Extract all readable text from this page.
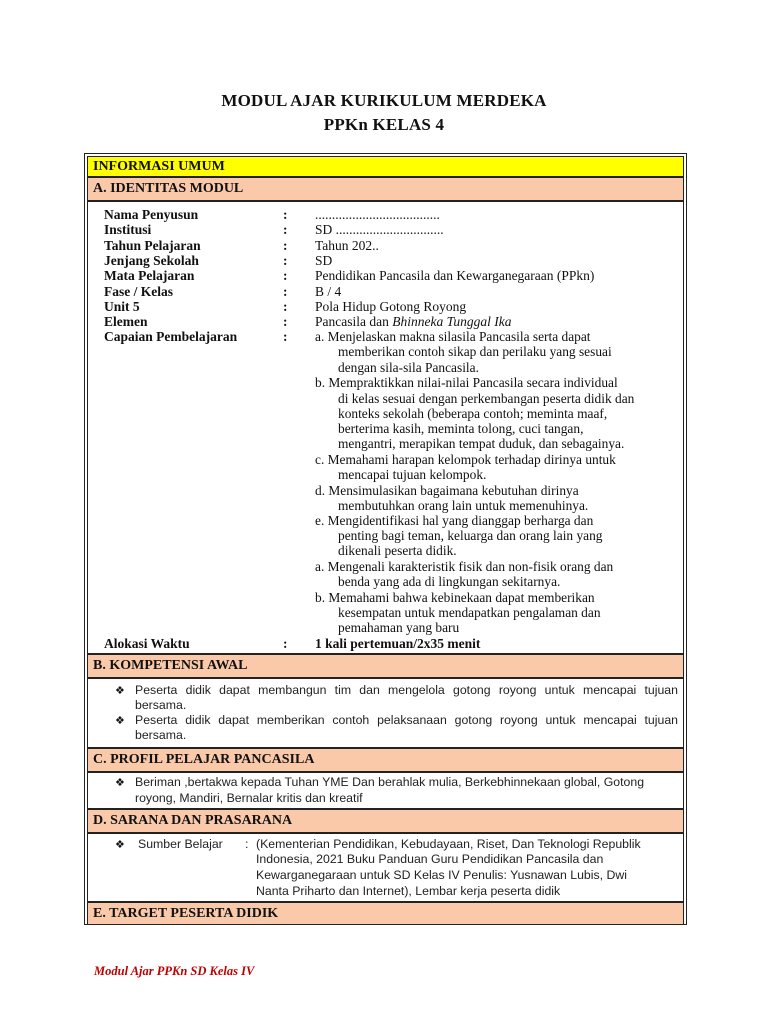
MODUL AJAR KURIKULUM MERDEKA
PPKn KELAS 4
INFORMASI UMUM
A. IDENTITAS MODUL
Nama Penyusun	: .....................................
Institusi	: SD ................................
Tahun Pelajaran	: Tahun 202..
Jenjang Sekolah	: SD
Mata Pelajaran	: Pendidikan Pancasila dan Kewarganegaraan (PPkn)
Fase / Kelas	: B / 4
Unit 5	: Pola Hidup Gotong Royong
Elemen	: Pancasila dan Bhinneka Tunggal Ika
Capaian Pembelajaran	: a. Menjelaskan makna silasila Pancasila serta dapat
memberikan contoh sikap dan perilaku yang sesuai
dengan sila-sila Pancasila.
b. Mempraktikkan nilai-nilai Pancasila secara individual
di kelas sesuai dengan perkembangan peserta didik dan
konteks sekolah (beberapa contoh; meminta maaf,
berterima kasih, meminta tolong, cuci tangan,
mengantri, merapikan tempat duduk, dan sebagainya.
c. Memahami harapan kelompok terhadap dirinya untuk
mencapai tujuan kelompok.
d. Mensimulasikan bagaimana kebutuhan dirinya
membutuhkan orang lain untuk memenuhinya.
e. Mengidentifikasi hal yang dianggap berharga dan
penting bagi teman, keluarga dan orang lain yang
dikenali peserta didik.
a. Mengenali karakteristik fisik dan non-fisik orang dan
benda yang ada di lingkungan sekitarnya.
b. Memahami bahwa kebinekaan dapat memberikan
kesempatan untuk mendapatkan pengalaman dan
pemahaman yang baru
Alokasi Waktu	: 1 kali pertemuan/2x35 menit
B. KOMPETENSI AWAL
❖ Peserta didik dapat membangun tim dan mengelola gotong royong untuk mencapai tujuan
bersama.
❖ Peserta didik dapat memberikan contoh pelaksanaan gotong royong untuk mencapai tujuan
bersama.
C. PROFIL PELAJAR PANCASILA
❖ Beriman ,bertakwa kepada Tuhan YME Dan berahlak mulia, Berkebhinnekaan global, Gotong
royong, Mandiri, Bernalar kritis dan kreatif
D. SARANA DAN PRASARANA
❖ Sumber Belajar : (Kementerian Pendidikan, Kebudayaan, Riset, Dan Teknologi Republik
Indonesia, 2021 Buku Panduan Guru Pendidikan Pancasila dan
Kewarganegaraan untuk SD Kelas IV Penulis: Yusnawan Lubis, Dwi
Nanta Priharto dan Internet), Lembar kerja peserta didik
E. TARGET PESERTA DIDIK
Modul Ajar PPKn SD Kelas IV
